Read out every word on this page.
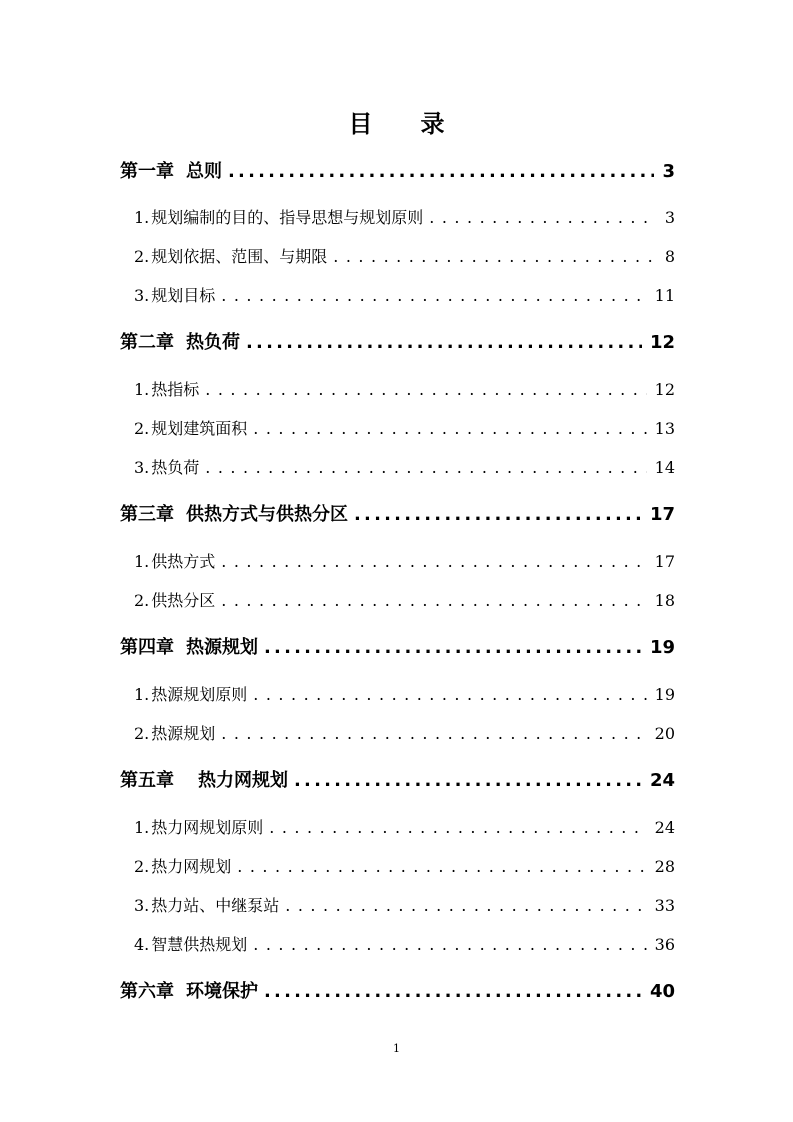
目 录
第一章 总则 .....	3
1. 规划编制的目的、指导思想与规划原则 . . .	3
2. 规划依据、范围、与期限 . . .	8
3. 规划目标 . . .	11
第二章 热负荷 .....	12
1. 热指标 . . .	12
2. 规划建筑面积 . . .	13
3. 热负荷 . . .	14
第三章 供热方式与供热分区 .....	17
1. 供热方式 . . .	17
2. 供热分区 . . .	18
第四章 热源规划 .....	19
1. 热源规划原则 . . .	19
2. 热源规划 . . .	20
第五章 热力网规划 .....	24
1. 热力网规划原则 . . .	24
2. 热力网规划 . . .	28
3. 热力站、中继泵站 . . .	33
4. 智慧供热规划 . . .	36
第六章 环境保护 .....	40
1
